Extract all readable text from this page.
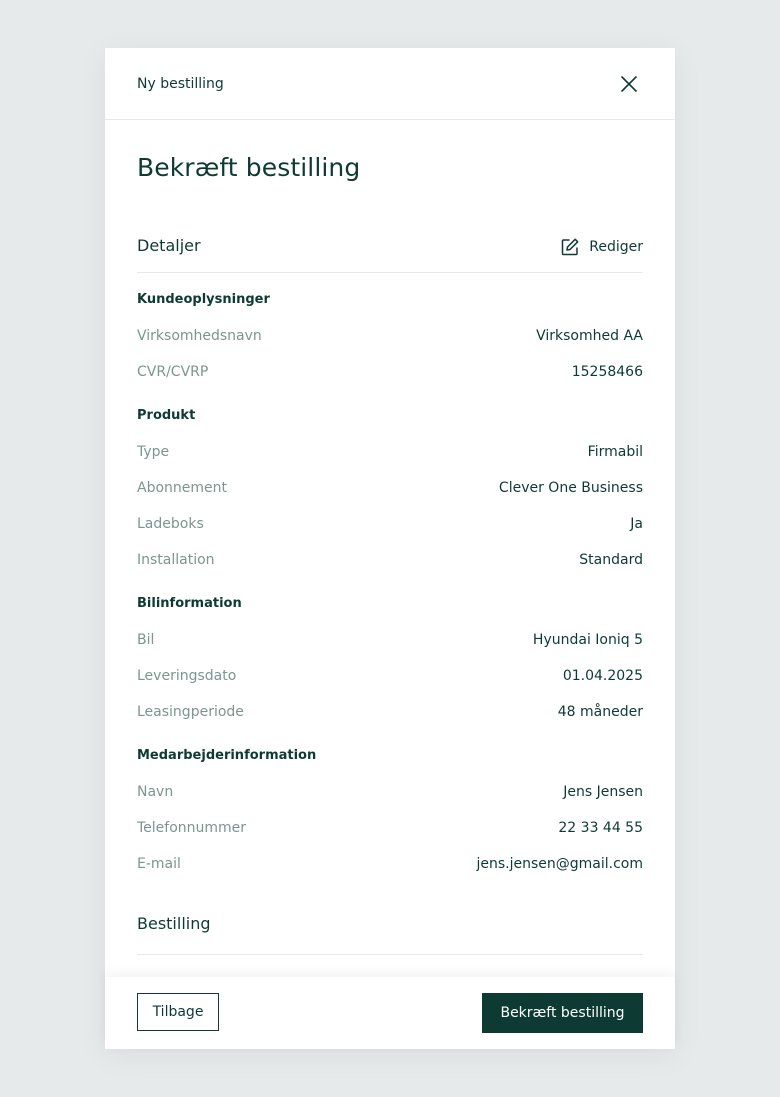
Ny bestilling
Bekræft bestilling
Detaljer	Rediger
Kundeoplysninger
Virksomhedsnavn	Virksomhed AA
CVR/CVRP	15258466
Produkt
Type	Firmabil
Abonnement	Clever One Business
Ladeboks	Ja
Installation	Standard
Bilinformation
Bil	Hyundai Ioniq 5
Leveringsdato	01.04.2025
Leasingperiode	48 måneder
Medarbejderinformation
Navn	Jens Jensen
Telefonnummer	22 33 44 55
E-mail	jens.jensen@gmail.com
Bestilling
Tilbage	Bekræft bestilling
